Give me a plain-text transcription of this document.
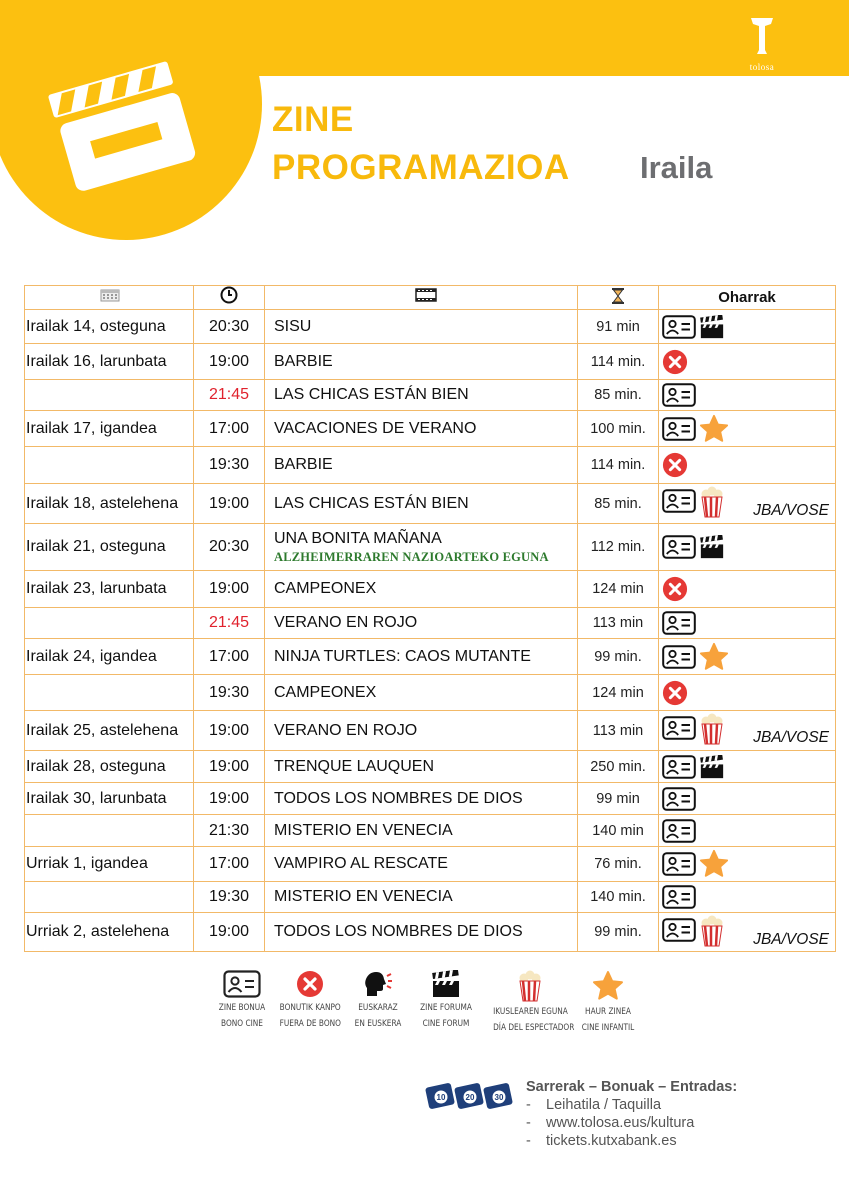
tolosa
ZINE
PROGRAMAZIOA Iraila
				Oharrak
Irailak 14, osteguna	20:30	SISU	91 min	

Irailak 16, larunbata	19:00	BARBIE	114 min.	

	21:45	LAS CHICAS ESTÁN BIEN	85 min.	

Irailak 17, igandea	17:00	VACACIONES DE VERANO	100 min.	

	19:30	BARBIE	114 min.	

Irailak 18, astelehena	19:00	LAS CHICAS ESTÁN BIEN	85 min.	JBA/VOSE

Irailak 21, osteguna	20:30	UNA BONITA MAÑANA
ALZHEIMERRAREN NAZIOARTEKO EGUNA	112 min.	

Irailak 23, larunbata	19:00	CAMPEONEX	124 min	

	21:45	VERANO EN ROJO	113 min	

Irailak 24, igandea	17:00	NINJA TURTLES: CAOS MUTANTE	99 min.	

	19:30	CAMPEONEX	124 min	

Irailak 25, astelehena	19:00	VERANO EN ROJO	113 min	JBA/VOSE

Irailak 28, osteguna	19:00	TRENQUE LAUQUEN	250 min.	

Irailak 30, larunbata	19:00	TODOS LOS NOMBRES DE DIOS	99 min	

	21:30	MISTERIO EN VENECIA	140 min	

Urriak 1, igandea	17:00	VAMPIRO AL RESCATE	76 min.	

	19:30	MISTERIO EN VENECIA	140 min.	

Urriak 2, astelehena	19:00	TODOS LOS NOMBRES DE DIOS	99 min.	JBA/VOSE
ZINE BONUA
BONO CINE
BONUTIK KANPO
FUERA DE BONO
EUSKARAZ
EN EUSKERA
ZINE FORUMA
CINE FORUM
IKUSLEAREN EGUNA
DÍA DEL ESPECTADOR
HAUR ZINEA
CINE INFANTIL
10	20	30
Sarrerak – Bonuak – Entradas:
- Leihatila / Taquilla
- www.tolosa.eus/kultura
- tickets.kutxabank.es
